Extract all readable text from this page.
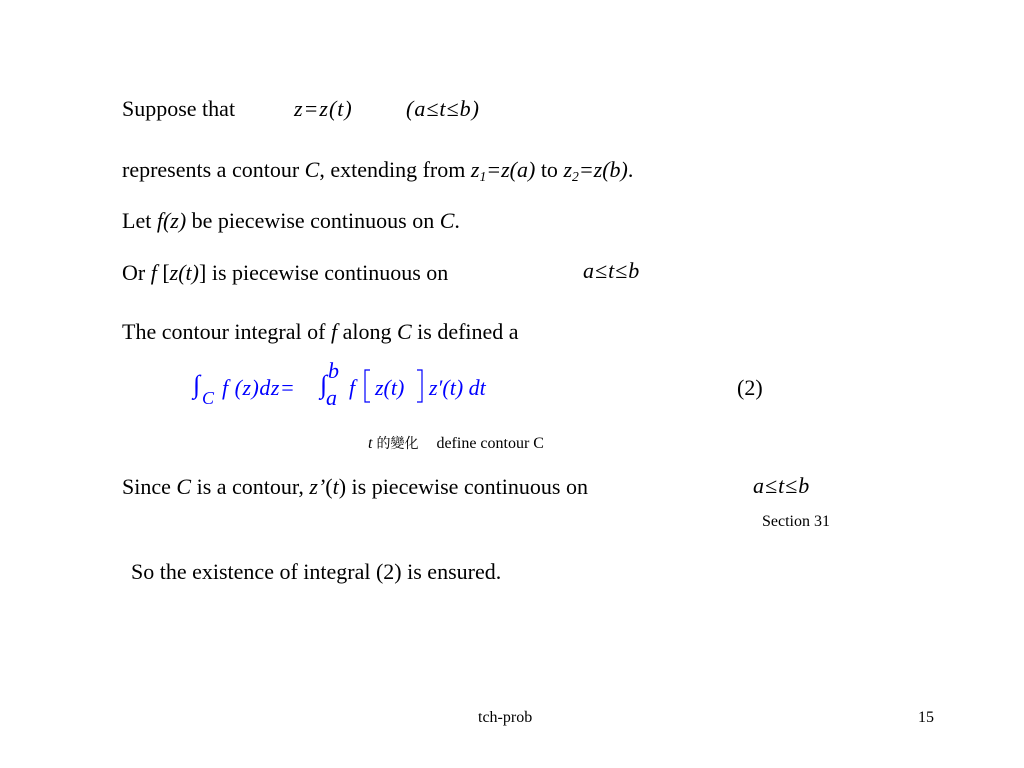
Suppose that	z=z(t) (a≤t≤b)
represents a contour C, extending from $z_1=z(a)$ to $z_2=z(b)$.
Let f(z) be piecewise continuous on C.
Or f [z(t)] is piecewise continuous on	a≤t≤b
The contour integral of f along C is defined a
∫ C f (z)dz= ∫ b
a f z(t) z′(t) dt	(2)
t 的變化 define contour C
Since C is a contour, z’(t) is piecewise continuous on	a≤t≤b
Section 31
So the existence of integral (2) is ensured.
tch-prob	15
